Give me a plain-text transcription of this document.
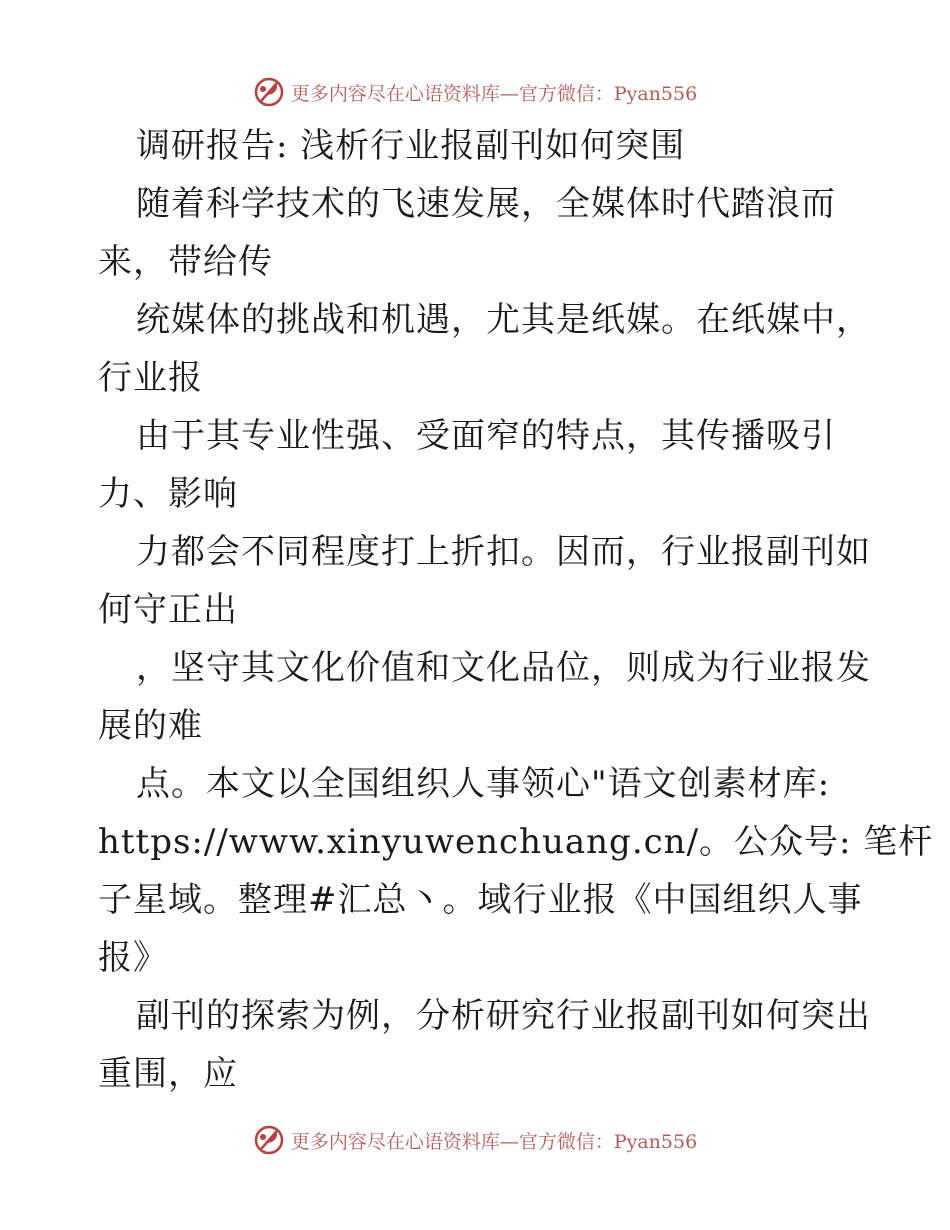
更多内容尽在心语资料库—官方微信：Pyan556
调研报告: 浅析行业报副刊如何突围
随着科学技术的飞速发展，全媒体时代踏浪而
来，带给传
统媒体的挑战和机遇，尤其是纸媒。在纸媒中，
行业报
由于其专业性强、受面窄的特点，其传播吸引
力、影响
力都会不同程度打上折扣。因而，行业报副刊如
何守正出
，坚守其文化价值和文化品位，则成为行业报发
展的难
点。本文以全国组织人事领心"语文创素材库:
https://www.xinyuwenchuang.cn/。公众号: 笔杆
子星域。整理#汇总丶。域行业报《中国组织人事
报》
副刊的探索为例，分析研究行业报副刊如何突出
重围，应
更多内容尽在心语资料库—官方微信：Pyan556
